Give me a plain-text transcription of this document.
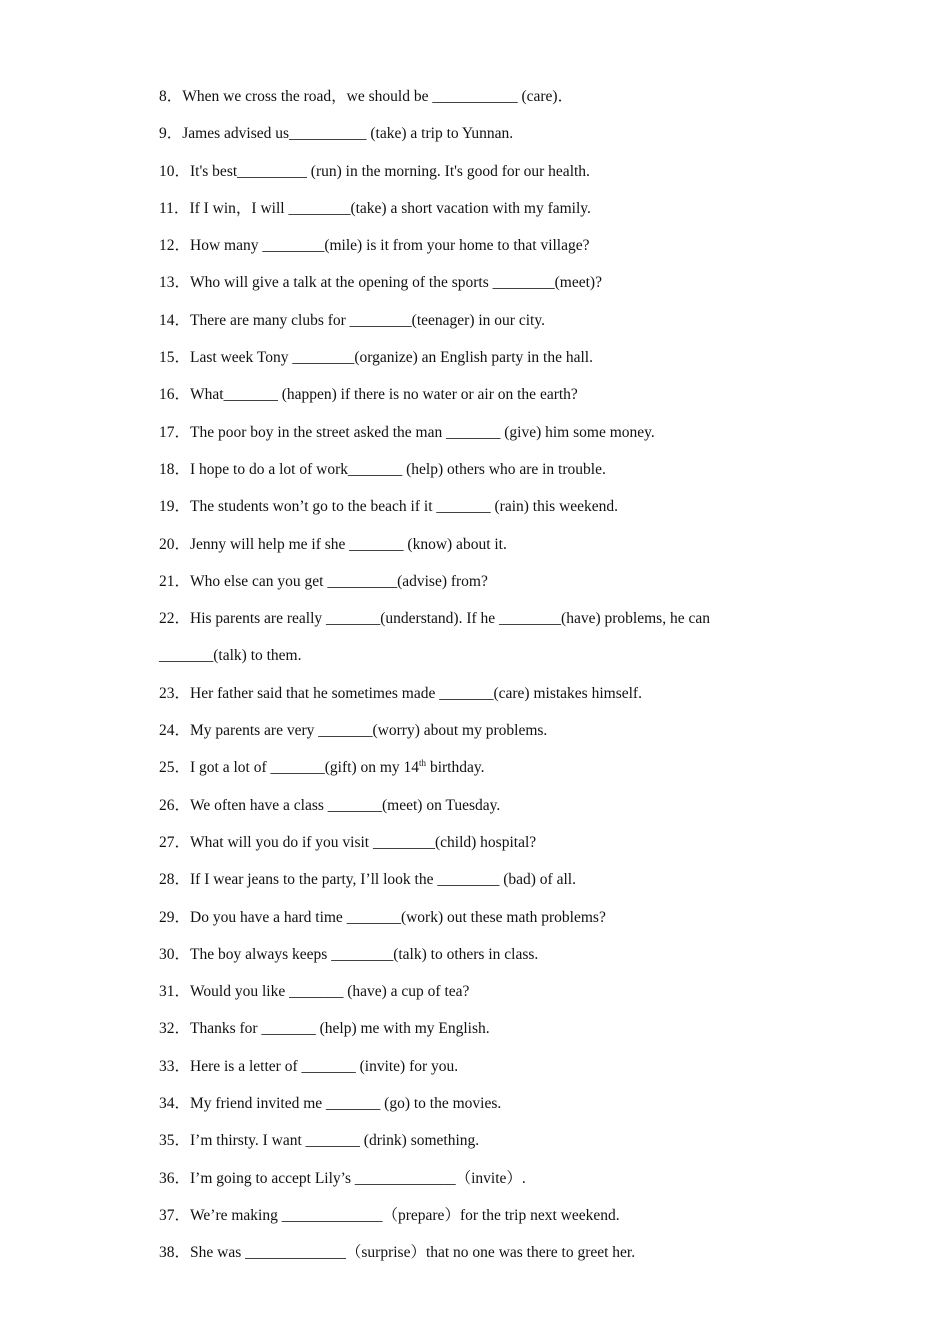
8．When we cross the road，we should be ___________ (care)．
9．James advised us__________ (take) a trip to Yunnan.
10．It's best_________ (run) in the morning. It's good for our health.
11．If I win，I will ________(take) a short vacation with my family.
12．How many ________(mile) is it from your home to that village?
13．Who will give a talk at the opening of the sports ________(meet)?
14．There are many clubs for ________(teenager) in our city.
15．Last week Tony ________(organize) an English party in the hall.
16．What_______ (happen) if there is no water or air on the earth?
17．The poor boy in the street asked the man _______ (give) him some money.
18．I hope to do a lot of work_______ (help) others who are in trouble.
19．The students won’t go to the beach if it _______ (rain) this weekend.
20．Jenny will help me if she _______ (know) about it.
21．Who else can you get _________(advise) from?
22．His parents are really _______(understand). If he ________(have) problems, he can
_______(talk) to them.
23．Her father said that he sometimes made _______(care) mistakes himself.
24．My parents are very _______(worry) about my problems.
25．I got a lot of _______(gift) on my 14th birthday.
26．We often have a class _______(meet) on Tuesday.
27．What will you do if you visit ________(child) hospital?
28．If I wear jeans to the party, I’ll look the ________ (bad) of all.
29．Do you have a hard time _______(work) out these math problems?
30．The boy always keeps ________(talk) to others in class.
31．Would you like _______ (have) a cup of tea?
32．Thanks for _______ (help) me with my English.
33．Here is a letter of _______ (invite) for you.
34．My friend invited me _______ (go) to the movies.
35．I’m thirsty. I want _______ (drink) something.
36．I’m going to accept Lily’s _____________（invite）.
37．We’re making _____________（prepare）for the trip next weekend.
38．She was _____________（surprise）that no one was there to greet her.
